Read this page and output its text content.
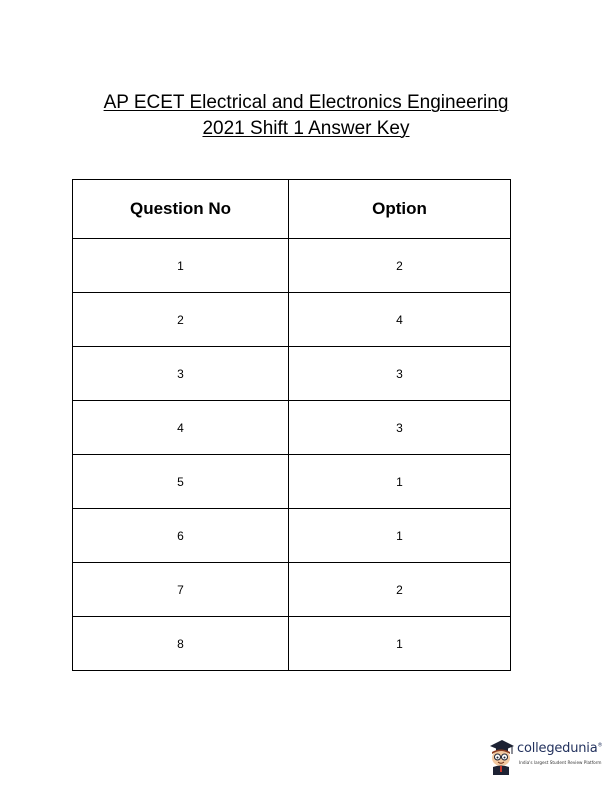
AP ECET Electrical and Electronics Engineering
2021 Shift 1 Answer Key
Question No	Option
1	2
2	4
3	3
4	3
5	1
6	1
7	2
8	1
collegedunia®
India's largest Student Review Platform
